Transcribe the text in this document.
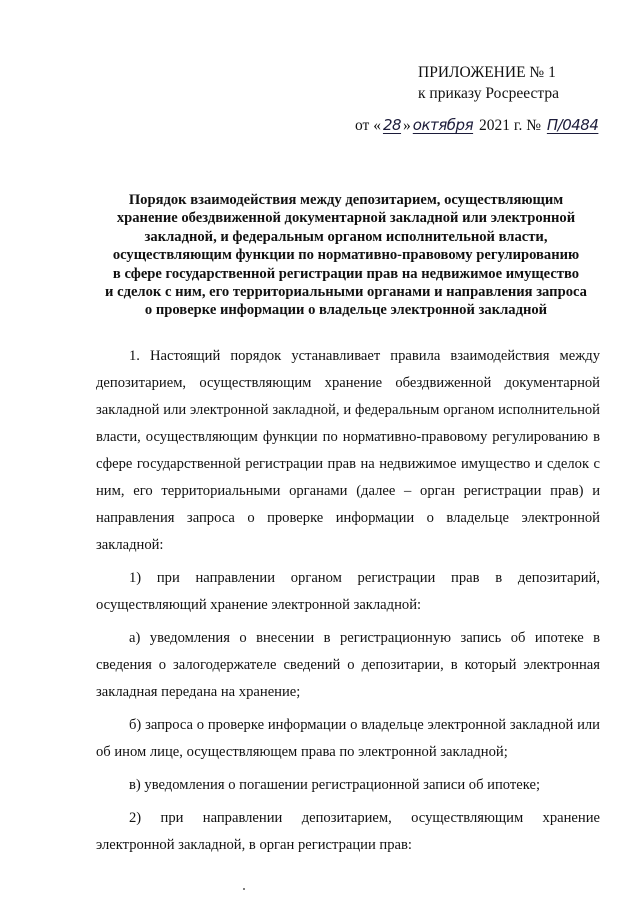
ПРИЛОЖЕНИЕ № 1
к приказу Росреестра
от « 28 » октября 2021 г. № П/0484
Порядок взаимодействия между депозитарием, осуществляющим
хранение обездвиженной документарной закладной или электронной
закладной, и федеральным органом исполнительной власти,
осуществляющим функции по нормативно-правовому регулированию
в сфере государственной регистрации прав на недвижимое имущество
и сделок с ним, его территориальными органами и направления запроса
о проверке информации о владельце электронной закладной

1. Настоящий порядок устанавливает правила взаимодействия между депозитарием, осуществляющим хранение обездвиженной документарной закладной или электронной закладной, и федеральным органом исполнительной власти, осуществляющим функции по нормативно-правовому регулированию в сфере государственной регистрации прав на недвижимое имущество и сделок с ним, его территориальными органами (далее – орган регистрации прав) и направления запроса о проверке информации о владельце электронной закладной:

1) при направлении органом регистрации прав в депозитарий, осуществляющий хранение электронной закладной:

а) уведомления о внесении в регистрационную запись об ипотеке в сведения о залогодержателе сведений о депозитарии, в который электронная закладная передана на хранение;

б) запроса о проверке информации о владельце электронной закладной или об ином лице, осуществляющем права по электронной закладной;

в) уведомления о погашении регистрационной записи об ипотеке;

2) при направлении депозитарием, осуществляющим хранение электронной закладной, в орган регистрации прав:
